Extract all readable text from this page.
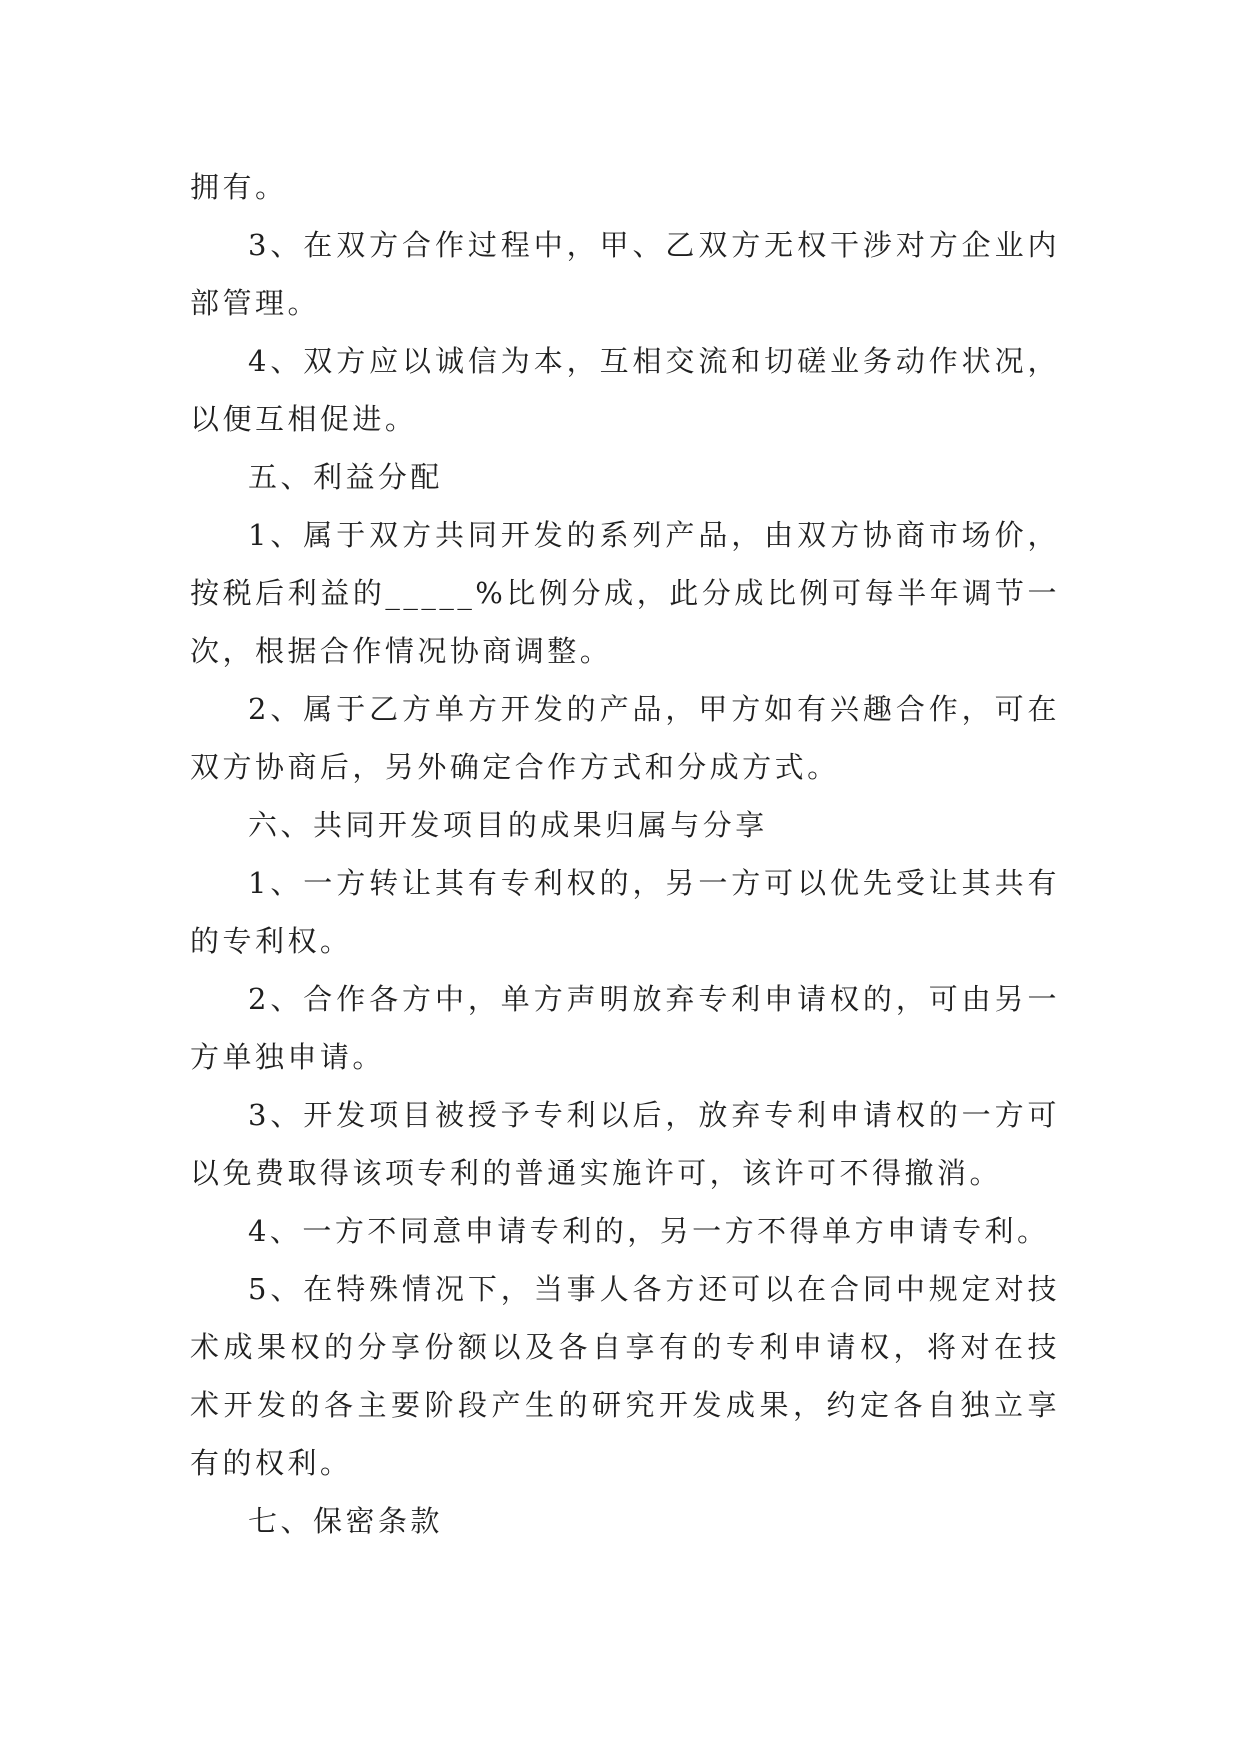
拥有。

3、在双方合作过程中，甲、乙双方无权干涉对方企业内部管理。

4、双方应以诚信为本，互相交流和切磋业务动作状况，以便互相促进。

五、利益分配

1、属于双方共同开发的系列产品，由双方协商市场价，按税后利益的_____%比例分成，此分成比例可每半年调节一次，根据合作情况协商调整。

2、属于乙方单方开发的产品，甲方如有兴趣合作，可在双方协商后，另外确定合作方式和分成方式。

六、共同开发项目的成果归属与分享

1、一方转让其有专利权的，另一方可以优先受让其共有的专利权。

2、合作各方中，单方声明放弃专利申请权的，可由另一方单独申请。

3、开发项目被授予专利以后，放弃专利申请权的一方可以免费取得该项专利的普通实施许可，该许可不得撤消。

4、一方不同意申请专利的，另一方不得单方申请专利。

5、在特殊情况下，当事人各方还可以在合同中规定对技术成果权的分享份额以及各自享有的专利申请权，将对在技术开发的各主要阶段产生的研究开发成果，约定各自独立享有的权利。

七、保密条款
